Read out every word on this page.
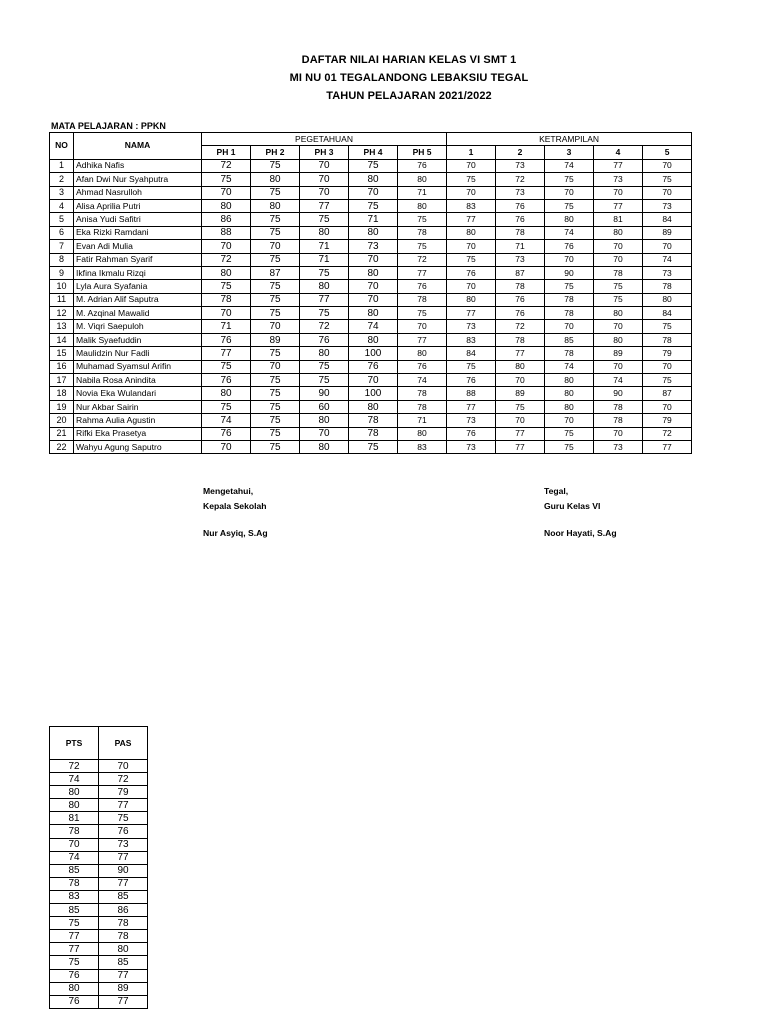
DAFTAR NILAI HARIAN KELAS VI SMT 1
MI NU 01 TEGALANDONG LEBAKSIU TEGAL
TAHUN PELAJARAN 2021/2022
MATA PELAJARAN : PPKN
NO	NAMA	PEGETAHUAN					KETRAMPILAN				
		PH 1	PH 2	PH 3	PH 4	PH 5	1	2	3	4	5
1	Adhika Nafis	72	75	70	75	76	70	73	74	77	70
2	Afan Dwi Nur Syahputra	75	80	70	80	80	75	72	75	73	75
3	Ahmad Nasrulloh	70	75	70	70	71	70	73	70	70	70
4	Alisa Aprilia Putri	80	80	77	75	80	83	76	75	77	73
5	Anisa Yudi Safitri	86	75	75	71	75	77	76	80	81	84
6	Eka Rizki Ramdani	88	75	80	80	78	80	78	74	80	89
7	Evan Adi Mulia	70	70	71	73	75	70	71	76	70	70
8	Fatir Rahman Syarif	72	75	71	70	72	75	73	70	70	74
9	Ikfina Ikmalu Rizqi	80	87	75	80	77	76	87	90	78	73
10	Lyla Aura Syafania	75	75	80	70	76	70	78	75	75	78
11	M. Adrian Alif Saputra	78	75	77	70	78	80	76	78	75	80
12	M. Azqinal Mawalid	70	75	75	80	75	77	76	78	80	84
13	M. Viqri Saepuloh	71	70	72	74	70	73	72	70	70	75
14	Malik Syaefuddin	76	89	76	80	77	83	78	85	80	78
15	Maulidzin Nur Fadli	77	75	80	100	80	84	77	78	89	79
16	Muhamad Syamsul Arifin	75	70	75	76	76	75	80	74	70	70
17	Nabila Rosa Anindita	76	75	75	70	74	76	70	80	74	75
18	Novia Eka Wulandari	80	75	90	100	78	88	89	80	90	87
19	Nur Akbar Sairin	75	75	60	80	78	77	75	80	78	70
20	Rahma Aulia Agustin	74	75	80	78	71	73	70	70	78	79
21	Rifki Eka Prasetya	76	75	70	78	80	76	77	75	70	72
22	Wahyu Agung Saputro	70	75	80	75	83	73	77	75	73	77
Mengetahui,
Kepala Sekolah
Nur Asyiq, S.Ag
Tegal,
Guru Kelas VI
Noor Hayati, S.Ag
PTS	PAS
72	70
74	72
80	79
80	77
81	75
78	76
70	73
74	77
85	90
78	77
83	85
85	86
75	78
77	78
77	80
75	85
76	77
80	89
76	77
